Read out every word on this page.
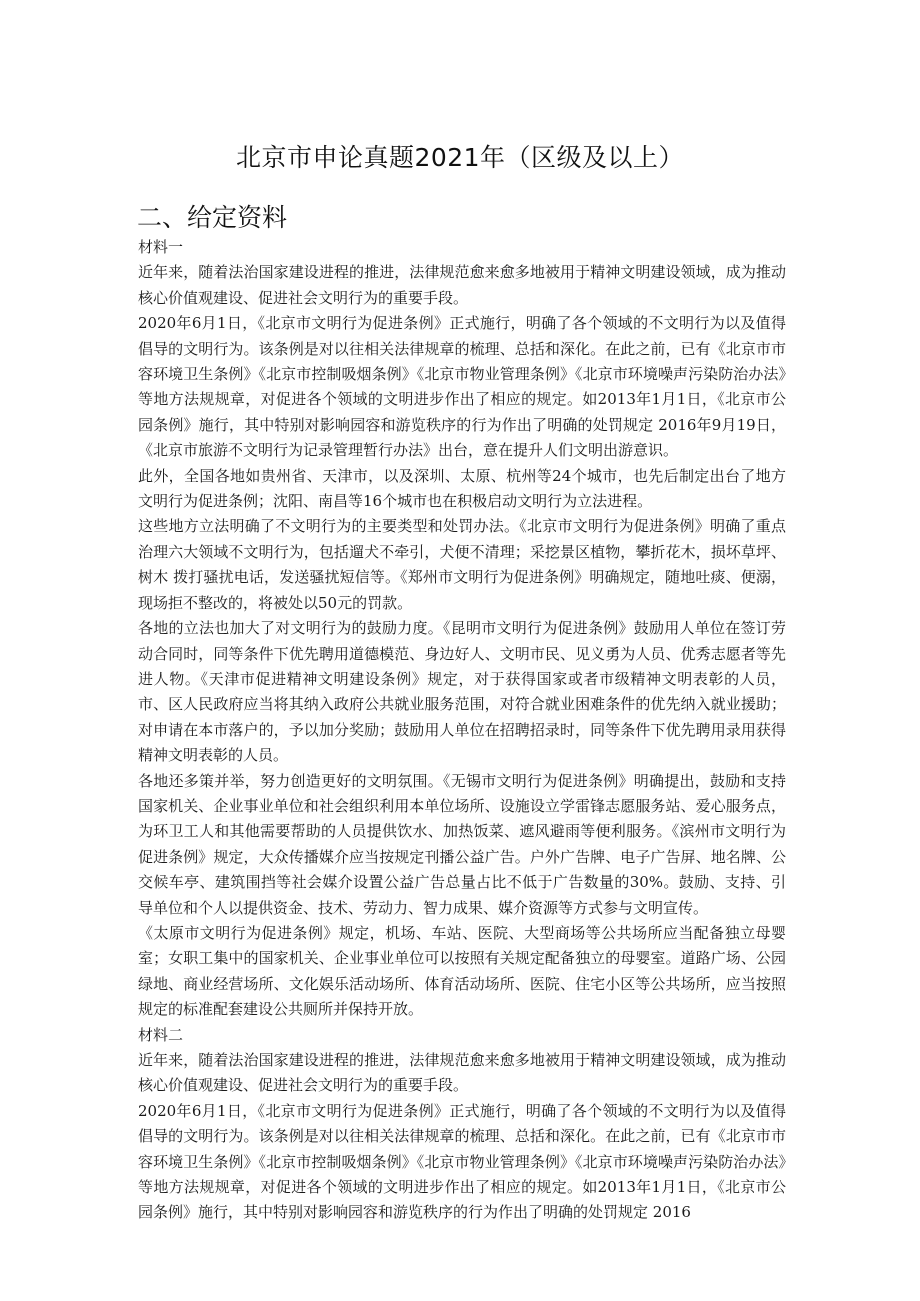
北京市申论真题2021年（区级及以上）
二、给定资料

材料一

近年来，随着法治国家建设进程的推进，法律规范愈来愈多地被用于精神文明建设领域，成为推动核心价值观建设、促进社会文明行为的重要手段。

2020年6月1日，《北京市文明行为促进条例》正式施行，明确了各个领域的不文明行为以及值得倡导的文明行为。该条例是对以往相关法律规章的梳理、总括和深化。在此之前，已有《北京市市容环境卫生条例》《北京市控制吸烟条例》《北京市物业管理条例》《北京市环境噪声污染防治办法》等地方法规规章，对促进各个领域的文明进步作出了相应的规定。如2013年1月1日，《北京市公园条例》施行，其中特别对影响园容和游览秩序的行为作出了明确的处罚规定 2016年9月19日，《北京市旅游不文明行为记录管理暂行办法》出台，意在提升人们文明出游意识。

此外，全国各地如贵州省、天津市，以及深圳、太原、杭州等24个城市，也先后制定出台了地方文明行为促进条例；沈阳、南昌等16个城市也在积极启动文明行为立法进程。

这些地方立法明确了不文明行为的主要类型和处罚办法。《北京市文明行为促进条例》明确了重点治理六大领域不文明行为，包括遛犬不牵引，犬便不清理；采挖景区植物，攀折花木，损坏草坪、树木 拨打骚扰电话，发送骚扰短信等。《郑州市文明行为促进条例》明确规定，随地吐痰、便溺，现场拒不整改的，将被处以50元的罚款。

各地的立法也加大了对文明行为的鼓励力度。《昆明市文明行为促进条例》鼓励用人单位在签订劳动合同时，同等条件下优先聘用道德模范、身边好人、文明市民、见义勇为人员、优秀志愿者等先进人物。《天津市促进精神文明建设条例》规定，对于获得国家或者市级精神文明表彰的人员，市、区人民政府应当将其纳入政府公共就业服务范围，对符合就业困难条件的优先纳入就业援助；对申请在本市落户的，予以加分奖励；鼓励用人单位在招聘招录时，同等条件下优先聘用录用获得精神文明表彰的人员。

各地还多策并举，努力创造更好的文明氛围。《无锡市文明行为促进条例》明确提出，鼓励和支持国家机关、企业事业单位和社会组织利用本单位场所、设施设立学雷锋志愿服务站、爱心服务点，为环卫工人和其他需要帮助的人员提供饮水、加热饭菜、遮风避雨等便利服务。《滨州市文明行为促进条例》规定，大众传播媒介应当按规定刊播公益广告。户外广告牌、电子广告屏、地名牌、公交候车亭、建筑围挡等社会媒介设置公益广告总量占比不低于广告数量的30%。鼓励、支持、引导单位和个人以提供资金、技术、劳动力、智力成果、媒介资源等方式参与文明宣传。

《太原市文明行为促进条例》规定，机场、车站、医院、大型商场等公共场所应当配备独立母婴室；女职工集中的国家机关、企业事业单位可以按照有关规定配备独立的母婴室。道路广场、公园绿地、商业经营场所、文化娱乐活动场所、体育活动场所、医院、住宅小区等公共场所，应当按照规定的标准配套建设公共厕所并保持开放。

材料二

近年来，随着法治国家建设进程的推进，法律规范愈来愈多地被用于精神文明建设领域，成为推动核心价值观建设、促进社会文明行为的重要手段。

2020年6月1日，《北京市文明行为促进条例》正式施行，明确了各个领域的不文明行为以及值得倡导的文明行为。该条例是对以往相关法律规章的梳理、总括和深化。在此之前，已有《北京市市容环境卫生条例》《北京市控制吸烟条例》《北京市物业管理条例》《北京市环境噪声污染防治办法》等地方法规规章，对促进各个领域的文明进步作出了相应的规定。如2013年1月1日，《北京市公园条例》施行，其中特别对影响园容和游览秩序的行为作出了明确的处罚规定 2016
